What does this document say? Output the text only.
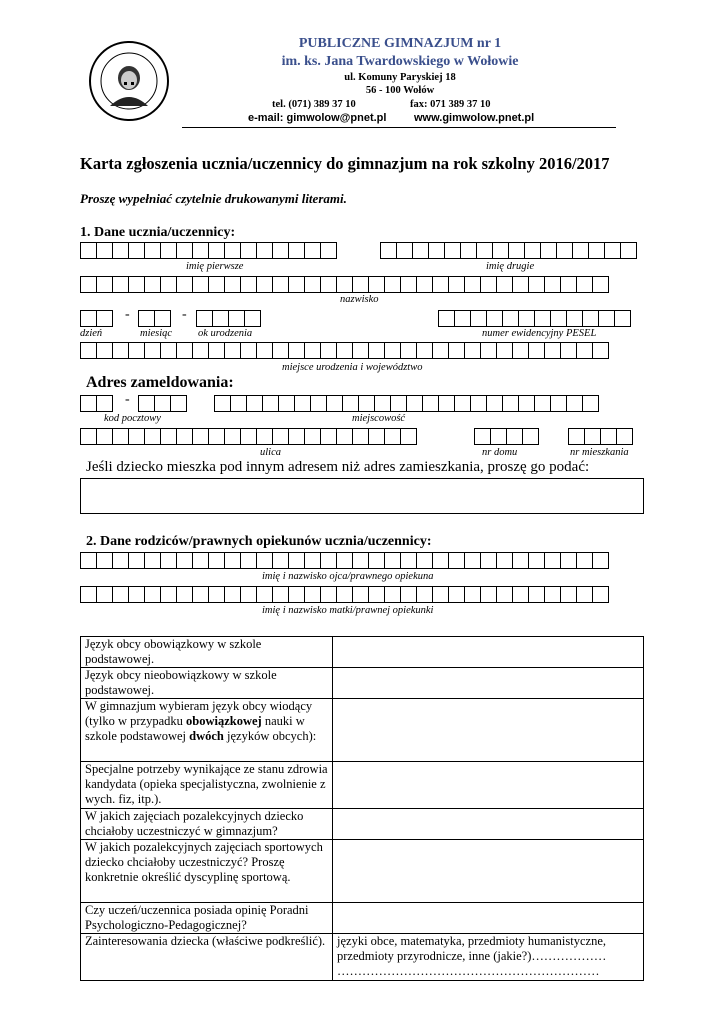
PUBLICZNE GIMNAZJUM nr 1
im. ks. Jana Twardowskiego w Wołowie
ul. Komuny Paryskiej 18
56 - 100 Wołów
tel. (071) 389 37 10	fax: 071 389 37 10
e-mail: gimwolow@pnet.pl	www.gimwolow.pnet.pl
Karta zgłoszenia ucznia/uczennicy do gimnazjum na rok szkolny 2016/2017
Proszę wypełniać czytelnie drukowanymi literami.
1. Dane ucznia/uczennicy:
imię pierwsze	imię drugie
nazwisko
-	-
dzień	miesiąc ok urodzenia	numer ewidencyjny PESEL
miejsce urodzenia i województwo
Adres zameldowania:
-
kod pocztowy	miejscowość
ulica	nr domu	nr mieszkania
Jeśli dziecko mieszka pod innym adresem niż adres zamieszkania, proszę go podać:
2. Dane rodziców/prawnych opiekunów ucznia/uczennicy:
imię i nazwisko ojca/prawnego opiekuna
imię i nazwisko matki/prawnej opiekunki
Język obcy obowiązkowy w szkole podstawowej.	
Język obcy nieobowiązkowy w szkole podstawowej.	
W gimnazjum wybieram język obcy wiodący (tylko w przypadku obowiązkowej nauki w szkole podstawowej dwóch języków obcych):	
Specjalne potrzeby wynikające ze stanu zdrowia kandydata (opieka specjalistyczna, zwolnienie z wych. fiz, itp.).	
W jakich zajęciach pozalekcyjnych dziecko chciałoby uczestniczyć w gimnazjum?	
W jakich pozalekcyjnych zajęciach sportowych dziecko chciałoby uczestniczyć? Proszę konkretnie określić dyscyplinę sportową.	
Czy uczeń/uczennica posiada opinię Poradni Psychologiczno-Pedagogicznej?	
Zainteresowania dziecka (właściwe podkreślić).	języki obce, matematyka, przedmioty humanistyczne, przedmioty przyrodnicze, inne (jakie?)……………… ………………………………………………………
